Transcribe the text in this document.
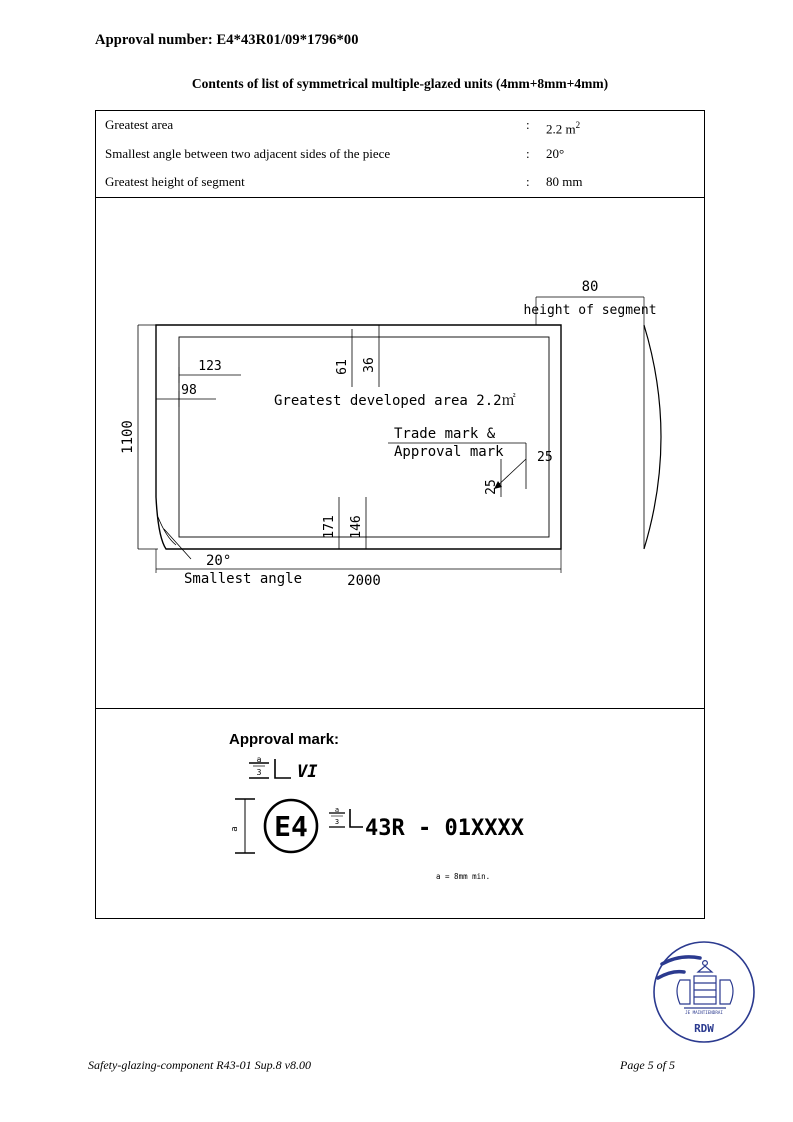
Approval number: E4*43R01/09*1796*00
Contents of list of symmetrical multiple-glazed units (4mm+8mm+4mm)
Greatest area	: 2.2 $m^2$
Smallest angle between two adjacent sides of the piece	: 20°
Greatest height of segment	: 80 mm
80
height of segment
1100
2000
123
98
61 36
171 146
Greatest developed area 2.2㎡
Trade mark &
Approval mark	25
25
20°
Smallest angle
Approval mark:
a
3 VI
a E4	a
3 43R - 01XXXX
a = 8mm min.
JE MAINTIENDRAI
RDW
Safety-glazing-component R43-01 Sup.8 v8.00	Page 5 of 5
